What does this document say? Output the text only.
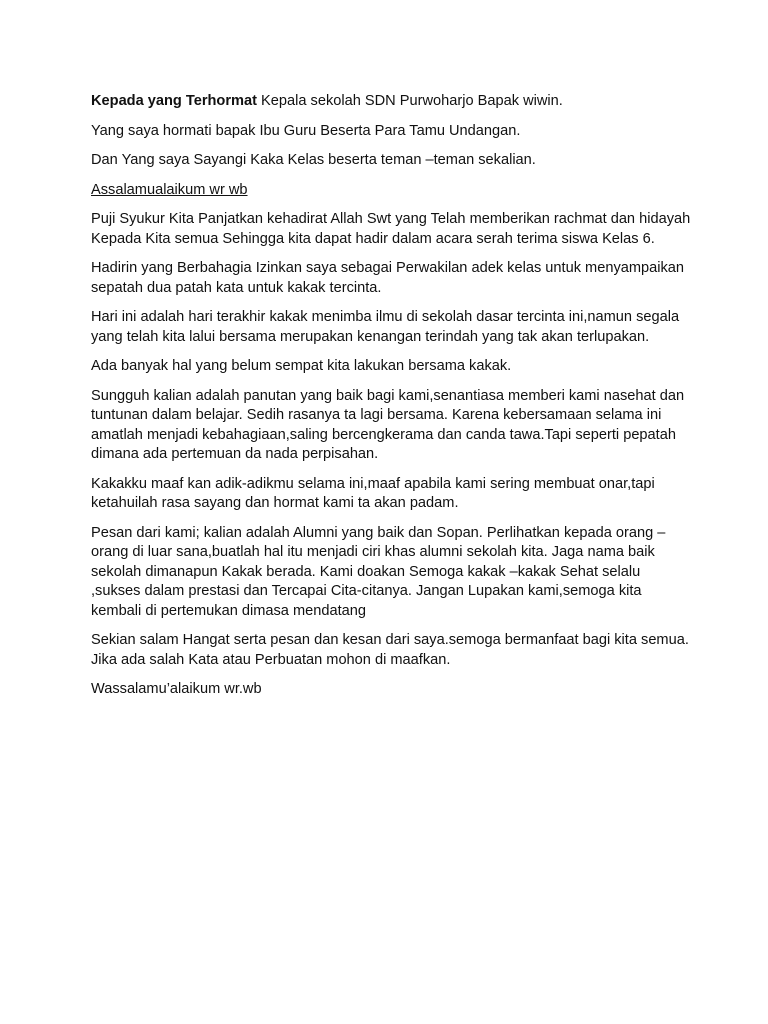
Kepada yang Terhormat Kepala sekolah SDN Purwoharjo Bapak wiwin.

Yang saya hormati bapak Ibu Guru Beserta Para Tamu Undangan.

Dan Yang saya Sayangi Kaka Kelas beserta teman –teman sekalian.

Assalamualaikum wr wb

Puji Syukur Kita Panjatkan kehadirat Allah Swt yang Telah memberikan rachmat dan hidayah Kepada Kita semua Sehingga kita dapat hadir dalam acara serah terima siswa Kelas 6.

Hadirin yang Berbahagia Izinkan saya sebagai Perwakilan adek kelas untuk menyampaikan sepatah dua patah kata untuk kakak tercinta.

Hari ini adalah hari terakhir kakak menimba ilmu di sekolah dasar tercinta ini,namun segala yang telah kita lalui bersama merupakan kenangan terindah yang tak akan terlupakan.

Ada banyak hal yang belum sempat kita lakukan bersama kakak.

Sungguh kalian adalah panutan yang baik bagi kami,senantiasa memberi kami nasehat dan tuntunan dalam belajar. Sedih rasanya ta lagi bersama. Karena kebersamaan selama ini amatlah menjadi kebahagiaan,saling bercengkerama dan canda tawa.Tapi seperti pepatah dimana ada pertemuan da nada perpisahan.

Kakakku maaf kan adik-adikmu selama ini,maaf apabila kami sering membuat onar,tapi ketahuilah rasa sayang dan hormat kami ta akan padam.

Pesan dari kami; kalian adalah Alumni yang baik dan Sopan. Perlihatkan kepada orang –orang di luar sana,buatlah hal itu menjadi ciri khas alumni sekolah kita. Jaga nama baik sekolah dimanapun Kakak berada. Kami doakan Semoga kakak –kakak Sehat selalu ,sukses dalam prestasi dan Tercapai Cita-citanya. Jangan Lupakan kami,semoga kita kembali di pertemukan dimasa mendatang

Sekian salam Hangat serta pesan dan kesan dari saya.semoga bermanfaat bagi kita semua. Jika ada salah Kata atau Perbuatan mohon di maafkan.

Wassalamu’alaikum wr.wb
